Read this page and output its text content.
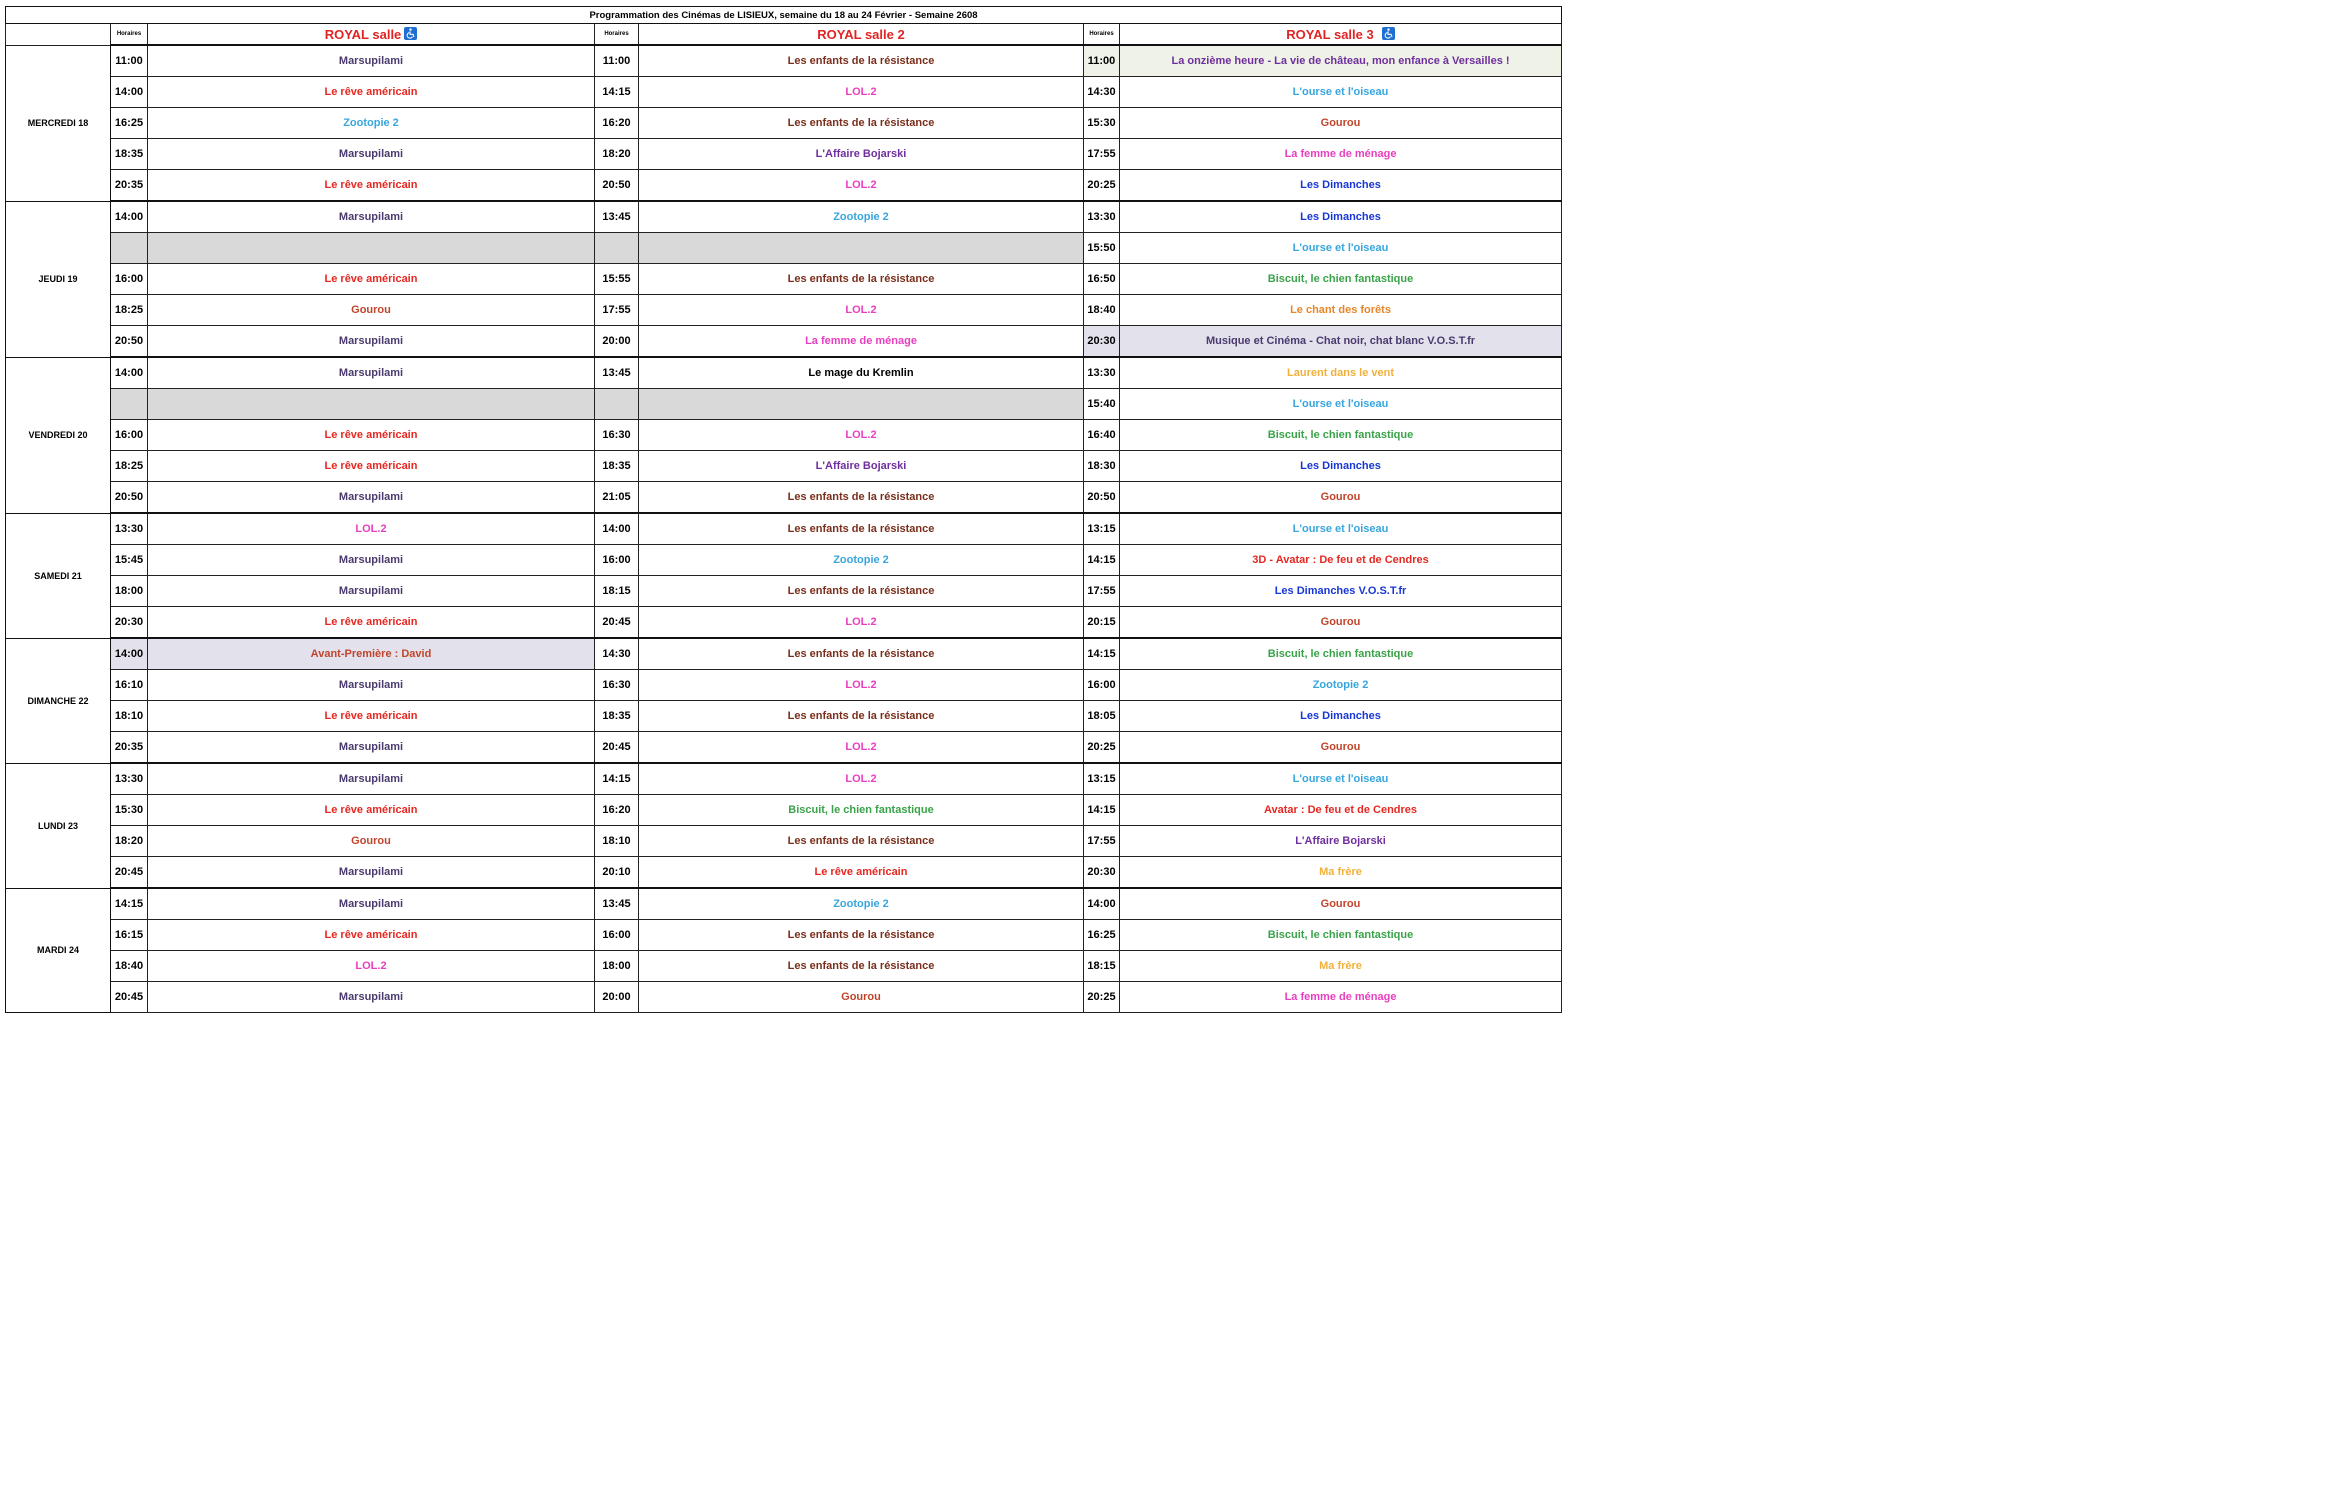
Programmation des Cinémas de LISIEUX, semaine du 18 au 24 Février - Semaine 2608						
	Horaires	ROYAL salle	Horaires	ROYAL salle 2	Horaires	ROYAL salle 3

MERCREDI 18	11:00	Marsupilami	11:00	Les enfants de la résistance	11:00	La onzième heure - La vie de château, mon enfance à Versailles !
	14:00	Le rêve américain	14:15	LOL.2	14:30	L'ourse et l'oiseau
	16:25	Zootopie 2	16:20	Les enfants de la résistance	15:30	Gourou
	18:35	Marsupilami	18:20	L'Affaire Bojarski	17:55	La femme de ménage
	20:35	Le rêve américain	20:50	LOL.2	20:25	Les Dimanches
JEUDI 19	14:00	Marsupilami	13:45	Zootopie 2	13:30	Les Dimanches
					15:50	L'ourse et l'oiseau
	16:00	Le rêve américain	15:55	Les enfants de la résistance	16:50	Biscuit, le chien fantastique
	18:25	Gourou	17:55	LOL.2	18:40	Le chant des forêts
	20:50	Marsupilami	20:00	La femme de ménage	20:30	Musique et Cinéma - Chat noir, chat blanc V.O.S.T.fr
VENDREDI 20	14:00	Marsupilami	13:45	Le mage du Kremlin	13:30	Laurent dans le vent
					15:40	L'ourse et l'oiseau
	16:00	Le rêve américain	16:30	LOL.2	16:40	Biscuit, le chien fantastique
	18:25	Le rêve américain	18:35	L'Affaire Bojarski	18:30	Les Dimanches
	20:50	Marsupilami	21:05	Les enfants de la résistance	20:50	Gourou
SAMEDI 21	13:30	LOL.2	14:00	Les enfants de la résistance	13:15	L'ourse et l'oiseau
	15:45	Marsupilami	16:00	Zootopie 2	14:15	3D - Avatar : De feu et de Cendres
	18:00	Marsupilami	18:15	Les enfants de la résistance	17:55	Les Dimanches V.O.S.T.fr
	20:30	Le rêve américain	20:45	LOL.2	20:15	Gourou
DIMANCHE 22	14:00	Avant-Première : David	14:30	Les enfants de la résistance	14:15	Biscuit, le chien fantastique
	16:10	Marsupilami	16:30	LOL.2	16:00	Zootopie 2
	18:10	Le rêve américain	18:35	Les enfants de la résistance	18:05	Les Dimanches
	20:35	Marsupilami	20:45	LOL.2	20:25	Gourou
LUNDI 23	13:30	Marsupilami	14:15	LOL.2	13:15	L'ourse et l'oiseau
	15:30	Le rêve américain	16:20	Biscuit, le chien fantastique	14:15	Avatar : De feu et de Cendres
	18:20	Gourou	18:10	Les enfants de la résistance	17:55	L'Affaire Bojarski
	20:45	Marsupilami	20:10	Le rêve américain	20:30	Ma frère
MARDI 24	14:15	Marsupilami	13:45	Zootopie 2	14:00	Gourou
	16:15	Le rêve américain	16:00	Les enfants de la résistance	16:25	Biscuit, le chien fantastique
	18:40	LOL.2	18:00	Les enfants de la résistance	18:15	Ma frère
	20:45	Marsupilami	20:00	Gourou	20:25	La femme de ménage
